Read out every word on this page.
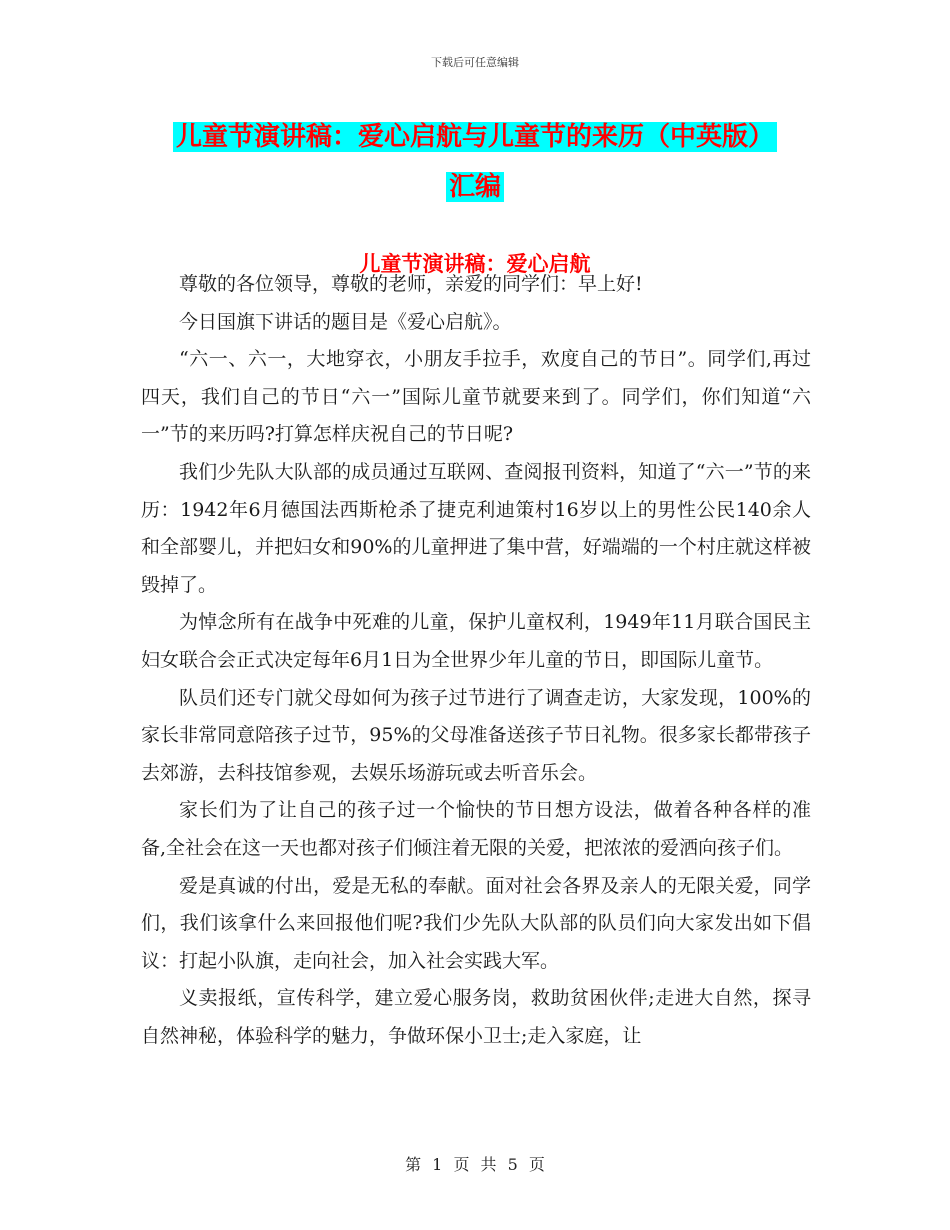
下载后可任意编辑
儿童节演讲稿：爱心启航与儿童节的来历（中英版）
汇编
儿童节演讲稿：爱心启航

尊敬的各位领导，尊敬的老师，亲爱的同学们：早上好!

今日国旗下讲话的题目是《爱心启航》。

“六一、六一，大地穿衣，小朋友手拉手，欢度自己的节日”。同学们,再过四天，我们自己的节日“六一”国际儿童节就要来到了。同学们，你们知道“六一”节的来历吗?打算怎样庆祝自己的节日呢?

我们少先队大队部的成员通过互联网、查阅报刊资料，知道了“六一”节的来历：1942年6月德国法西斯枪杀了捷克利迪策村16岁以上的男性公民140余人和全部婴儿，并把妇女和90%的儿童押进了集中营，好端端的一个村庄就这样被毁掉了。

为悼念所有在战争中死难的儿童，保护儿童权利，1949年11月联合国民主妇女联合会正式决定每年6月1日为全世界少年儿童的节日，即国际儿童节。

队员们还专门就父母如何为孩子过节进行了调查走访，大家发现，100%的家长非常同意陪孩子过节，95%的父母准备送孩子节日礼物。很多家长都带孩子去郊游，去科技馆参观，去娱乐场游玩或去听音乐会。

家长们为了让自己的孩子过一个愉快的节日想方设法，做着各种各样的准备,全社会在这一天也都对孩子们倾注着无限的关爱，把浓浓的爱洒向孩子们。

爱是真诚的付出，爱是无私的奉献。面对社会各界及亲人的无限关爱，同学们，我们该拿什么来回报他们呢?我们少先队大队部的队员们向大家发出如下倡议：打起小队旗，走向社会，加入社会实践大军。

义卖报纸，宣传科学，建立爱心服务岗，救助贫困伙伴;走进大自然，探寻自然神秘，体验科学的魅力，争做环保小卫士;走入家庭，让

第 1 页 共 5 页
